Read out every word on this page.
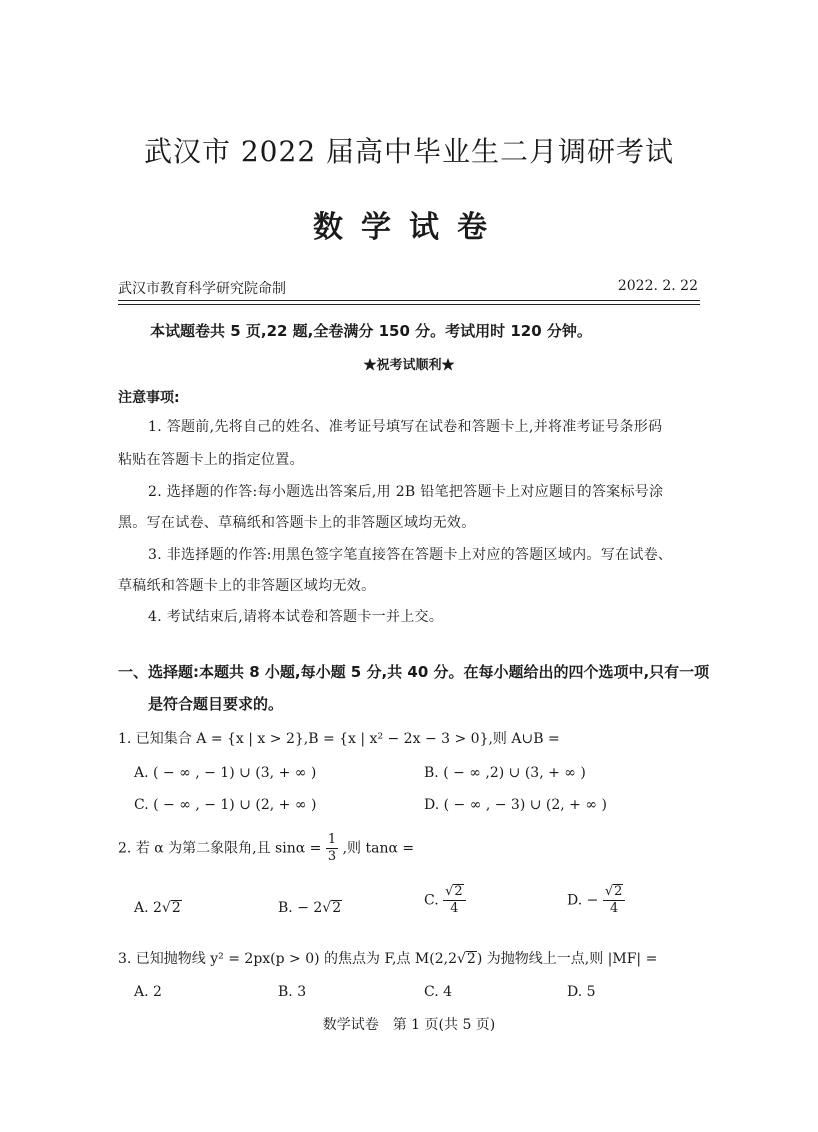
武汉市 2022 届高中毕业生二月调研考试
数学试卷
武汉市教育科学研究院命制	2022. 2. 22
本试题卷共 5 页,22 题,全卷满分 150 分。考试用时 120 分钟。
★祝考试顺利★
注意事项:
1. 答题前,先将自己的姓名、准考证号填写在试卷和答题卡上,并将准考证号条形码
粘贴在答题卡上的指定位置。
2. 选择题的作答:每小题选出答案后,用 2B 铅笔把答题卡上对应题目的答案标号涂
黑。写在试卷、草稿纸和答题卡上的非答题区域均无效。
3. 非选择题的作答:用黑色签字笔直接答在答题卡上对应的答题区域内。写在试卷、
草稿纸和答题卡上的非答题区域均无效。
4. 考试结束后,请将本试卷和答题卡一并上交。
一、选择题:本题共 8 小题,每小题 5 分,共 40 分。在每小题给出的四个选项中,只有一项
是符合题目要求的。
1. 已知集合 A = {x | x > 2},B = {x | x² − 2x − 3 > 0},则 A∪B =
A. ( − ∞ , − 1) ∪ (3, + ∞ )	B. ( − ∞ ,2) ∪ (3, + ∞ )
C. ( − ∞ , − 1) ∪ (2, + ∞ )	D. ( − ∞ , − 3) ∪ (2, + ∞ )
2. 若 α 为第二象限角,且 $\sin\alpha = \frac{1}{3}$ ,则 tanα =
A. 2√2	B. − 2√2	C. $\frac{√2}{4}$	D. − $\frac{√2}{4}$
3. 已知抛物线 y² = 2px(p > 0) 的焦点为 F,点 M(2,2√2) 为抛物线上一点,则 |MF| =
A. 2	B. 3	C. 4	D. 5
数学试卷　第 1 页(共 5 页)
